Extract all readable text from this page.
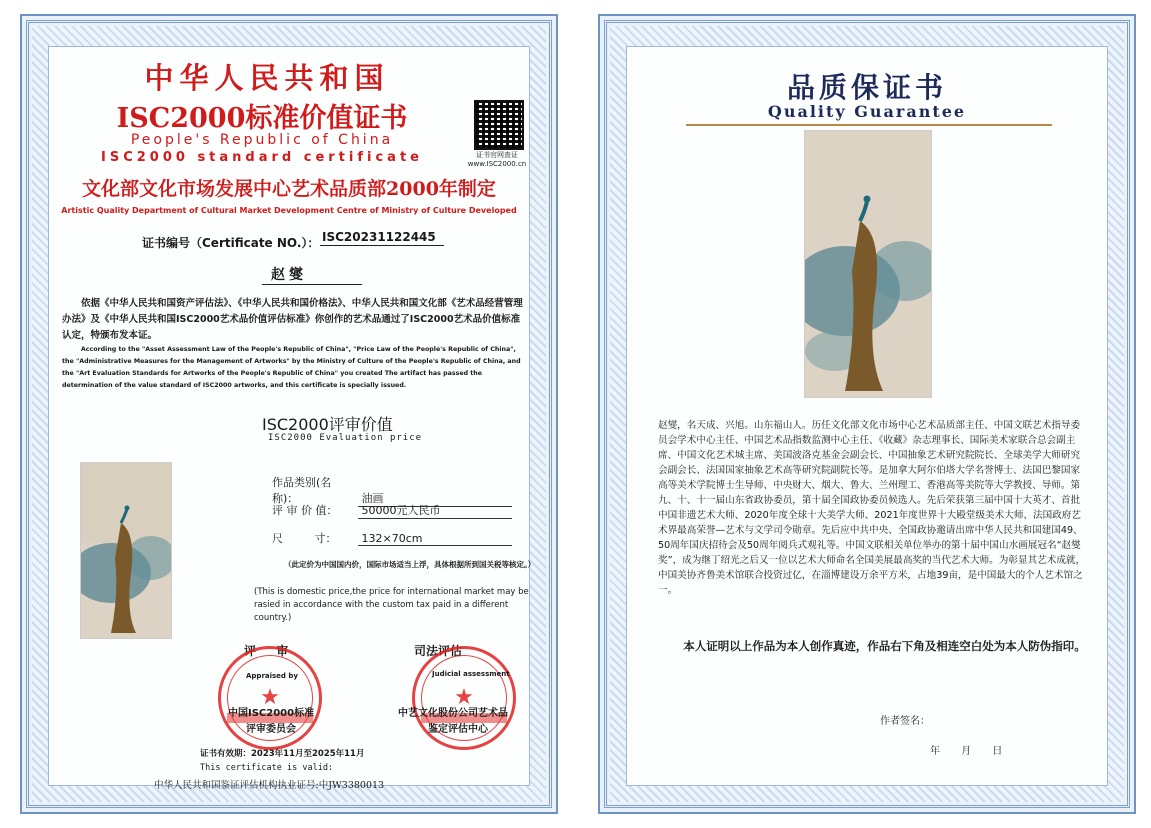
中华人民共和国
ISC2000标准价值证书
People's Republic of China
ISC2000 standard certificate	证书官网查证
www.ISC2000.cn
文化部文化市场发展中心艺术品质部2000年制定
Artistic Quality Department of Cultural Market Development Centre of Ministry of Culture Developed
证书编号（Certificate NO.）： ISC20231122445
赵燮
依据《中华人民共和国资产评估法》、《中华人民共和国价格法》、中华人民共和国文化部《艺术品经营管理办法》及《中华人民共和国ISC2000艺术品价值评估标准》你创作的艺术品通过了ISC2000艺术品价值标准认定，特颁布发本证。
According to the "Asset Assessment Law of the People's Republic of China", "Price Law of the People's Republic of China", the "Administrative Measures for the Management of Artworks" by the Ministry of Culture of the People's Republic of China, and the "Art Evaluation Standards for Artworks of the People's Republic of China" you created The artifact has passed the determination of the value standard of ISC2000 artworks, and this certificate is specially issued.
ISC2000评审价值
ISC2000 Evaluation price
作品类别(名称)：	油画
评 审 价 值： 50000元人民币
尺         寸： 132×70cm
（此定价为中国国内价，国际市场适当上浮，具体根据所到国关税等核定。）
(This is domestic price,the price for international market may be rasied in accordance with the custom tax paid in a different country.)
评 审	司法评估
★	★
Appraised by	Judicial assessment
中国ISC2000标准
评审委员会
中艺文化股份公司艺术品
鉴定评估中心
证书有效期：2023年11月至2025年11月
This certificate is valid:
中华人民共和国鉴证评估机构执业证号:中JW3380013
品质保证书
Quality Guarantee
赵燮，名天成、兴旭。山东福山人。历任文化部文化市场中心艺术品质部主任、中国文联艺术指导委员会学术中心主任、中国艺术品指数监测中心主任、《收藏》杂志理事长、国际美术家联合总会副主席、中国文化艺术城主席、美国波洛克基金会副会长、中国抽象艺术研究院院长、全球美学大师研究会副会长、法国国家抽象艺术高等研究院副院长等。是加拿大阿尔伯塔大学名誉博士、法国巴黎国家高等美术学院博士生导师、中央财大、烟大、鲁大、兰州理工、香港高等美院等大学教授、导师。第九、十、十一届山东省政协委员，第十届全国政协委员候选人。先后荣获第三届中国十大英才、首批中国非遗艺术大师、2020年度全球十大美学大师、2021年度世界十大殿堂级美术大师、法国政府艺术界最高荣誉—艺术与文学司令勋章。先后应中共中央、全国政协邀请出席中华人民共和国建国49、50周年国庆招待会及50周年阅兵式观礼等。中国文联相关单位举办的第十届中国山水画展冠名“赵燮奖”，成为继丁绍光之后又一位以艺术大师命名全国美展最高奖的当代艺术大师。为彰显其艺术成就，中国美协齐鲁美术馆联合投资过亿，在淄博建设万余平方米，占地39亩，是中国最大的个人艺术馆之一。
本人证明以上作品为本人创作真迹，作品右下角及相连空白处为本人防伪指印。
作者签名：
年 月 日
